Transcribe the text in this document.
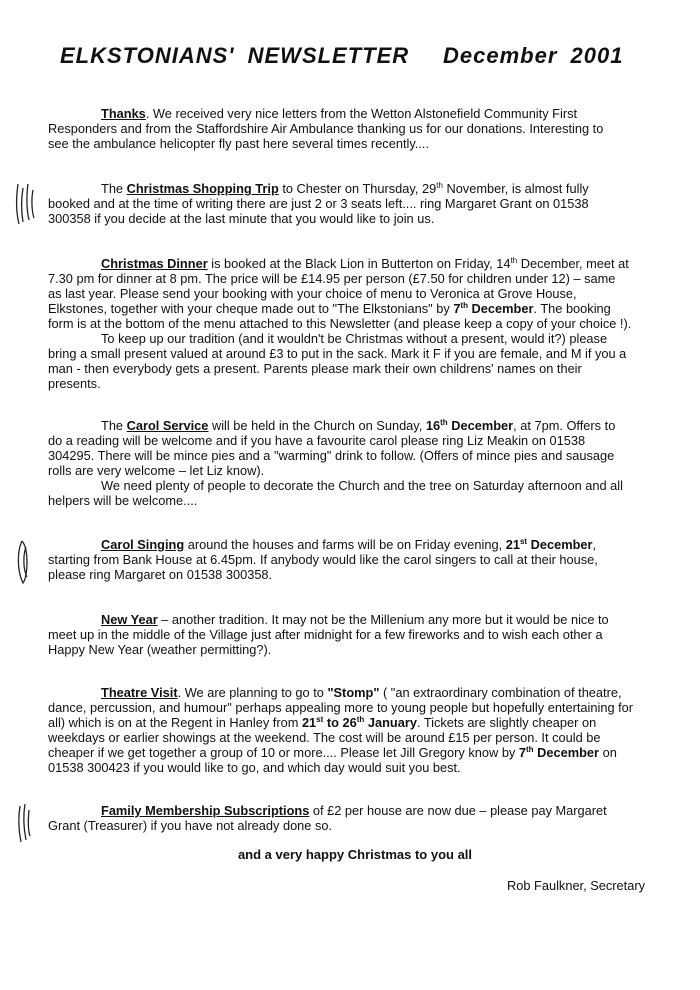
ELKSTONIANS' NEWSLETTER December 2001
Thanks. We received very nice letters from the Wetton Alstonefield Community First
Responders and from the Staffordshire Air Ambulance thanking us for our donations. Interesting to
see the ambulance helicopter fly past here several times recently....
The Christmas Shopping Trip to Chester on Thursday, 29th November, is almost fully
booked and at the time of writing there are just 2 or 3 seats left.... ring Margaret Grant on 01538
300358 if you decide at the last minute that you would like to join us.
Christmas Dinner is booked at the Black Lion in Butterton on Friday, 14th December, meet at
7.30 pm for dinner at 8 pm. The price will be £14.95 per person (£7.50 for children under 12) – same
as last year. Please send your booking with your choice of menu to Veronica at Grove House,
Elkstones, together with your cheque made out to "The Elkstonians" by 7th December. The booking
form is at the bottom of the menu attached to this Newsletter (and please keep a copy of your choice !).
To keep up our tradition (and it wouldn't be Christmas without a present, would it?) please
bring a small present valued at around £3 to put in the sack. Mark it F if you are female, and M if you a
man - then everybody gets a present. Parents please mark their own childrens' names on their
presents.
The Carol Service will be held in the Church on Sunday, 16th December, at 7pm. Offers to
do a reading will be welcome and if you have a favourite carol please ring Liz Meakin on 01538
304295. There will be mince pies and a "warming" drink to follow. (Offers of mince pies and sausage
rolls are very welcome – let Liz know).
We need plenty of people to decorate the Church and the tree on Saturday afternoon and all
helpers will be welcome....
Carol Singing around the houses and farms will be on Friday evening, 21st December,
starting from Bank House at 6.45pm. If anybody would like the carol singers to call at their house,
please ring Margaret on 01538 300358.
New Year – another tradition. It may not be the Millenium any more but it would be nice to
meet up in the middle of the Village just after midnight for a few fireworks and to wish each other a
Happy New Year (weather permitting?).
Theatre Visit. We are planning to go to "Stomp" ( "an extraordinary combination of theatre,
dance, percussion, and humour" perhaps appealing more to young people but hopefully entertaining for
all) which is on at the Regent in Hanley from 21st to 26th January. Tickets are slightly cheaper on
weekdays or earlier showings at the weekend. The cost will be around £15 per person. It could be
cheaper if we get together a group of 10 or more.... Please let Jill Gregory know by 7th December on
01538 300423 if you would like to go, and which day would suit you best.
Family Membership Subscriptions of £2 per house are now due – please pay Margaret
Grant (Treasurer) if you have not already done so.
and a very happy Christmas to you all
Rob Faulkner, Secretary
